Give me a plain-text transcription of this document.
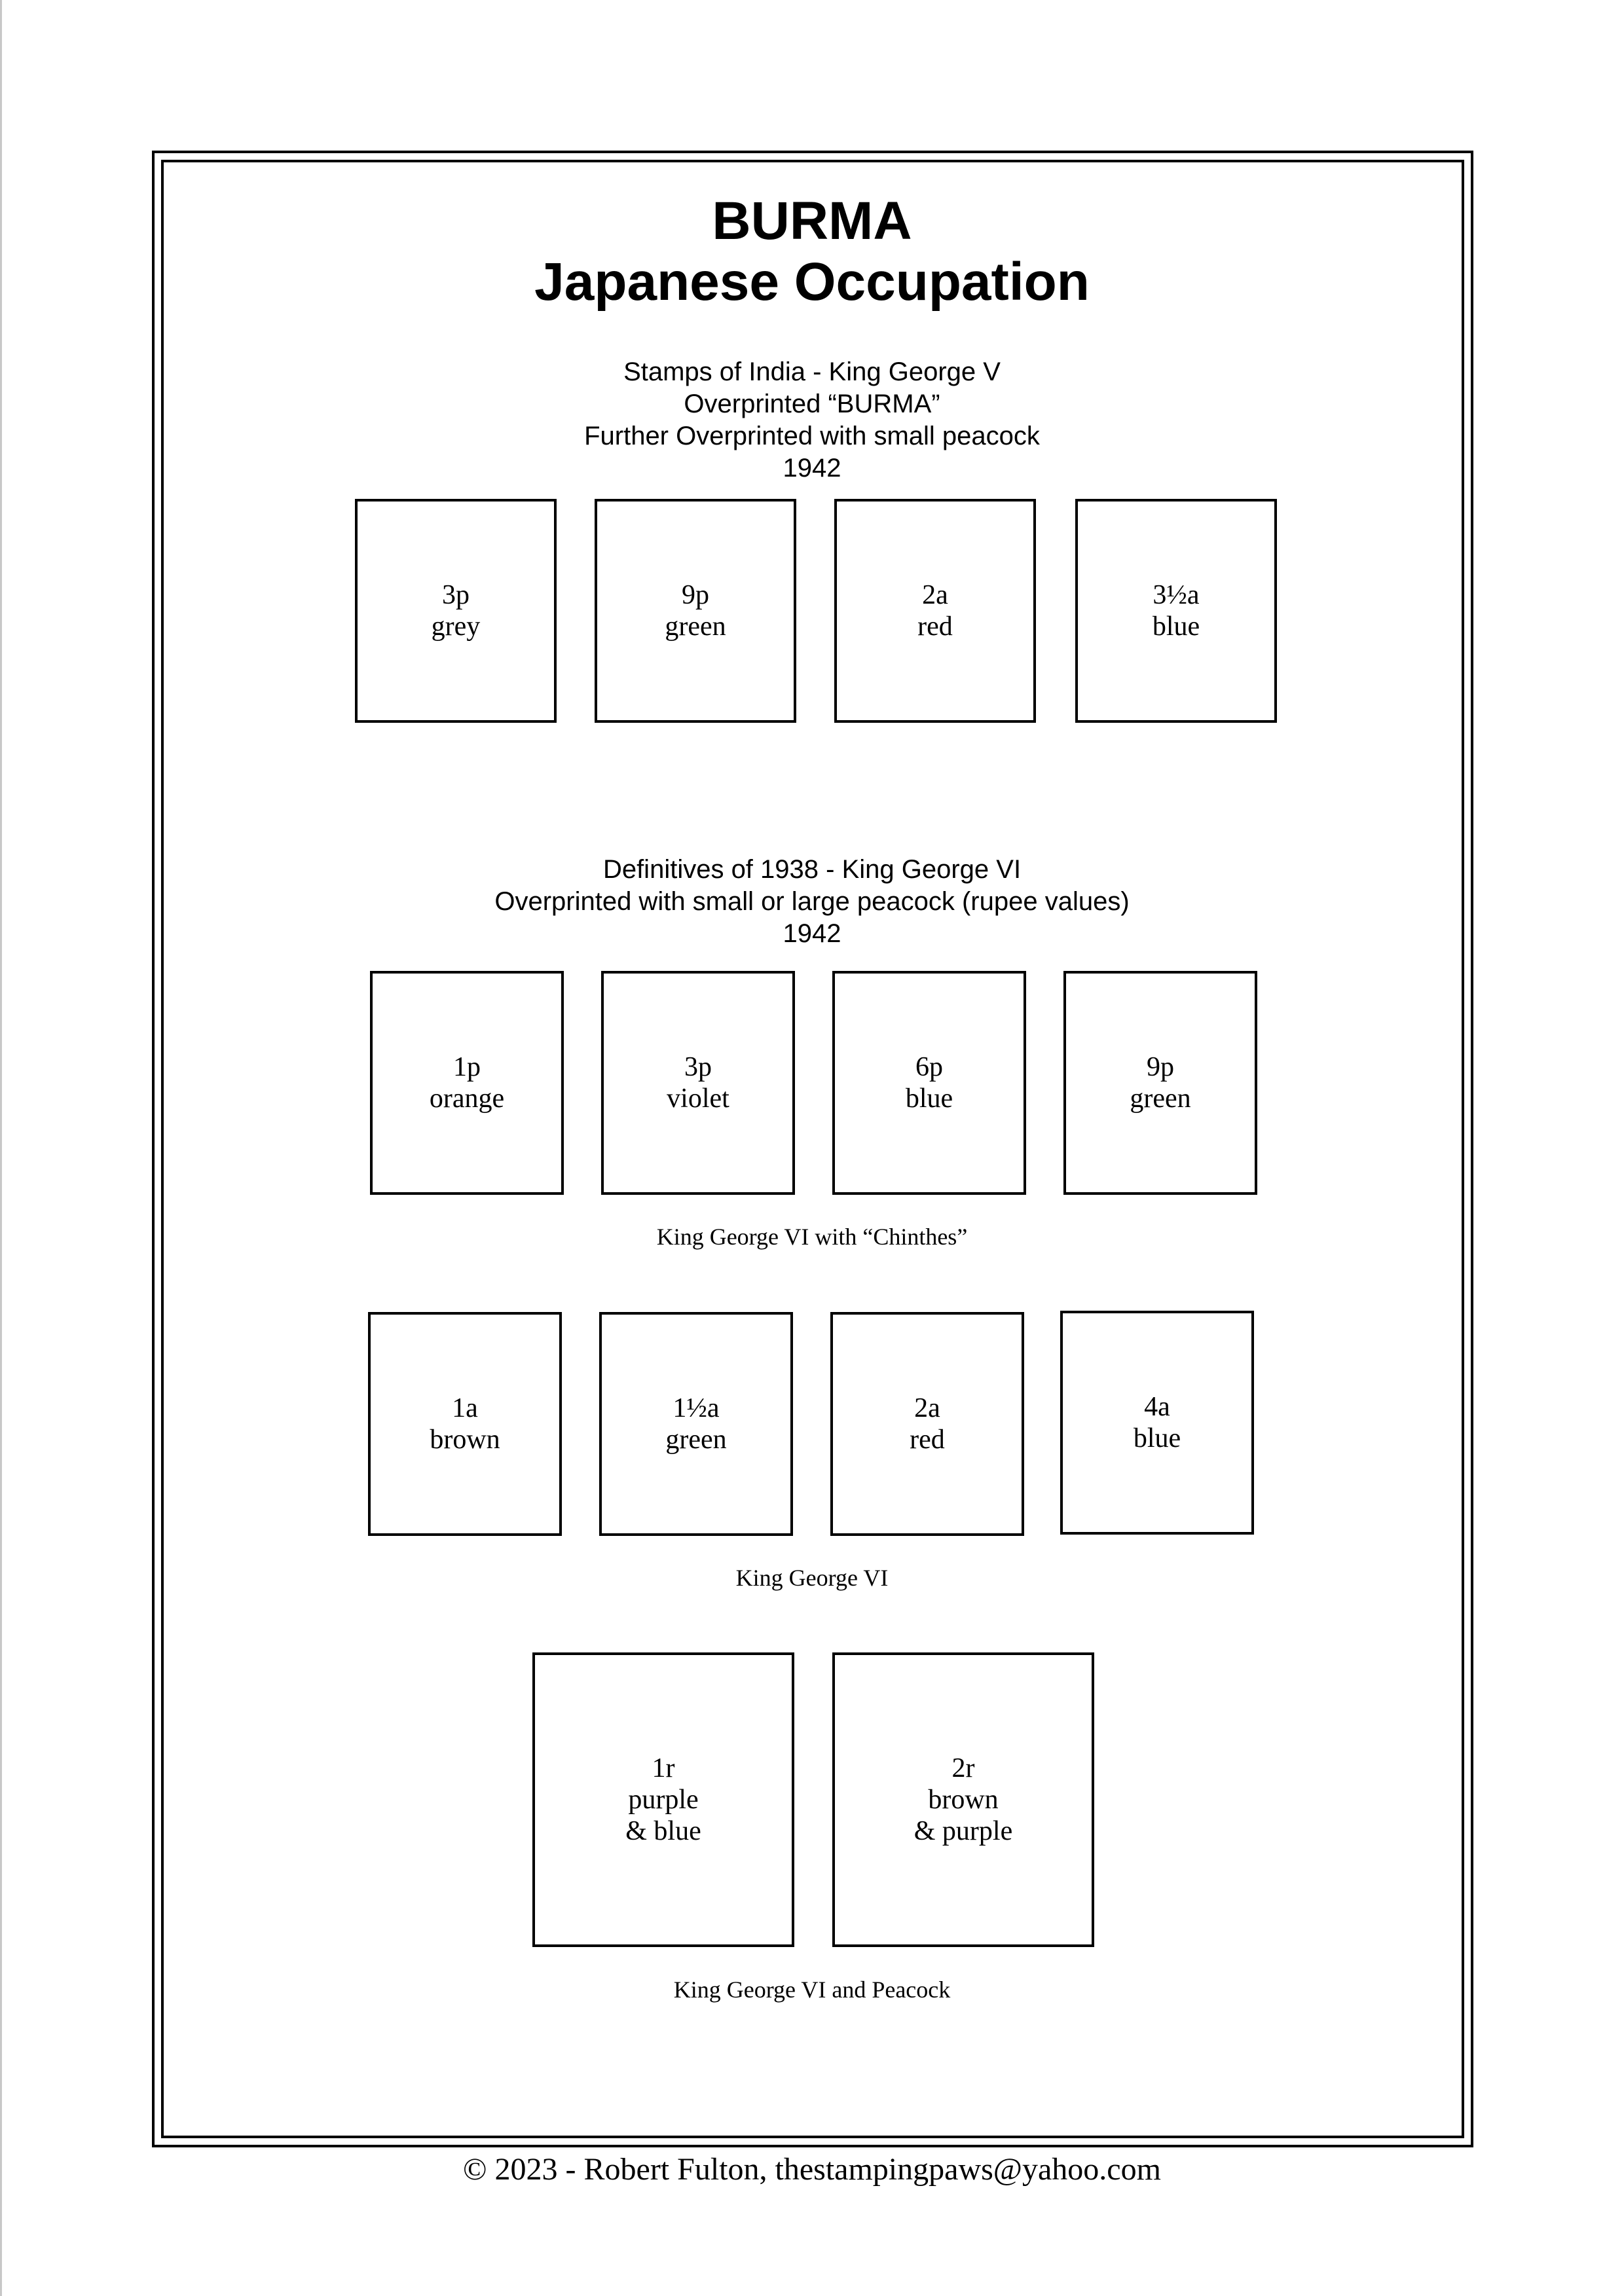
BURMA
Japanese Occupation
Stamps of India - King George V
Overprinted “BURMA”
Further Overprinted with small peacock
1942
3p
grey
9p
green
2a
red
3½a
blue
Definitives of 1938 - King George VI
Overprinted with small or large peacock (rupee values)
1942
1p
orange
3p
violet
6p
blue
9p
green
King George VI with “Chinthes”
1a
brown
1½a
green
2a
red
4a
blue
King George VI
1r
purple
& blue
2r
brown
& purple
King George VI and Peacock
© 2023 - Robert Fulton, thestampingpaws@yahoo.com
